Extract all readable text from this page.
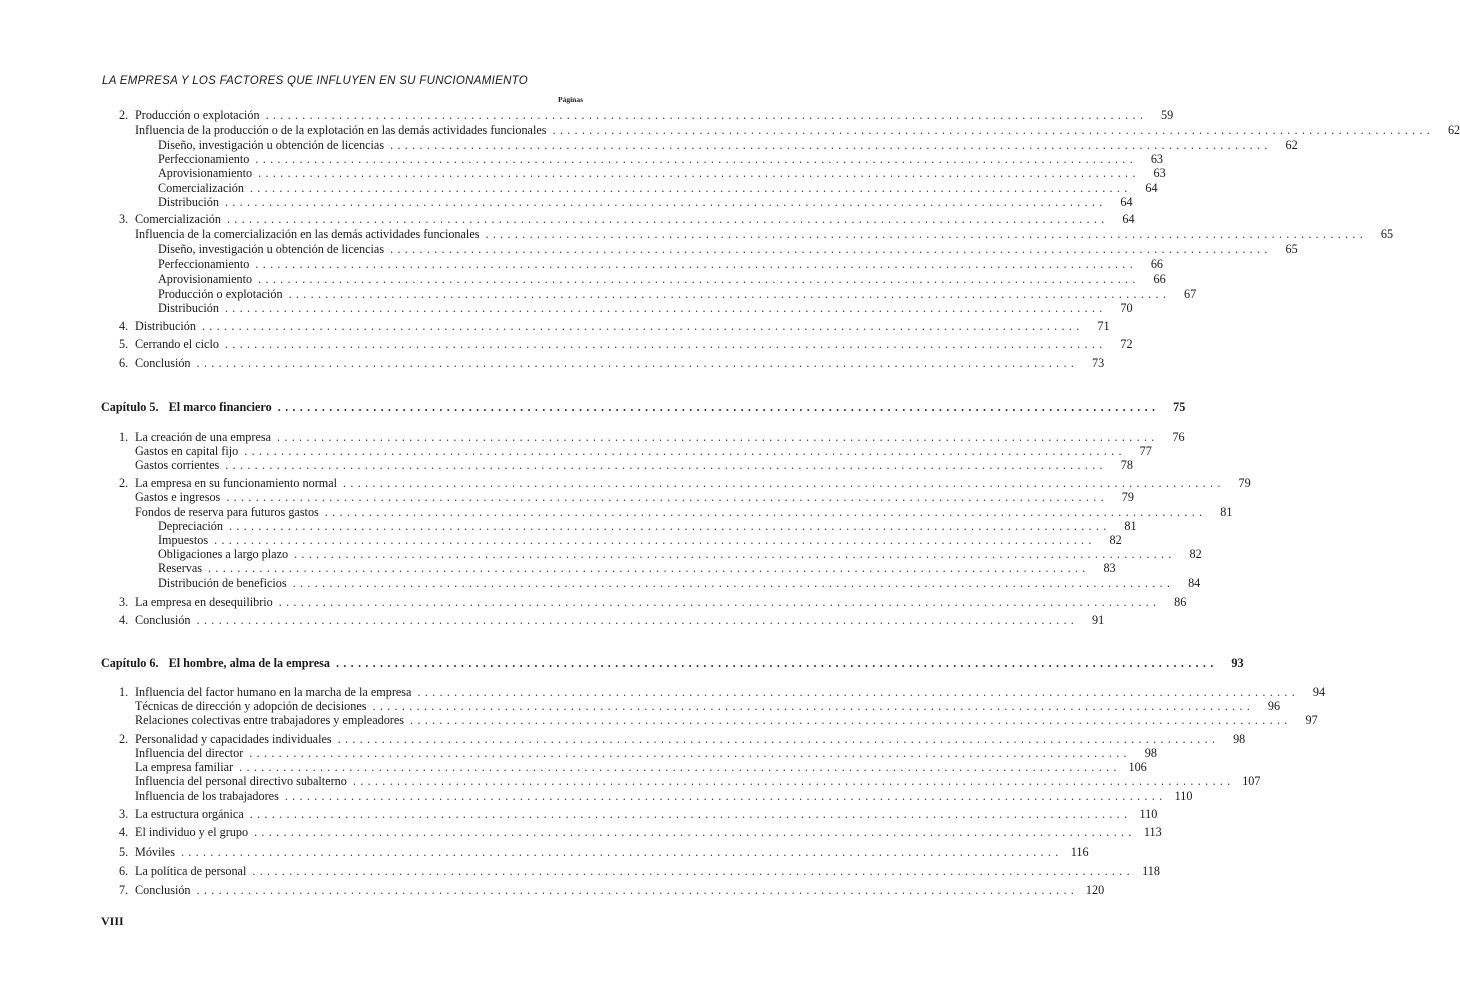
LA EMPRESA Y LOS FACTORES QUE INFLUYEN EN SU FUNCIONAMIENTO
Páginas
2. Producción o explotación ........................................................................................................................	59
Influencia de la producción o de la explotación en las demás actividades funcionales ........................................................................................................................	62
Diseño, investigación u obtención de licencias ........................................................................................................................	62
Perfeccionamiento ........................................................................................................................	63
Aprovisionamiento ........................................................................................................................	63
Comercialización ........................................................................................................................	64
Distribución ........................................................................................................................	64
3. Comercialización ........................................................................................................................	64
Influencia de la comercialización en las demás actividades funcionales ........................................................................................................................	65
Diseño, investigación u obtención de licencias ........................................................................................................................	65
Perfeccionamiento ........................................................................................................................	66
Aprovisionamiento ........................................................................................................................	66
Producción o explotación ........................................................................................................................	67
Distribución ........................................................................................................................	70
4. Distribución ........................................................................................................................	71
5. Cerrando el ciclo ........................................................................................................................	72
6. Conclusión ........................................................................................................................	73
Capítulo 5. El marco financiero ........................................................................................................................	75
1. La creación de una empresa ........................................................................................................................	76
Gastos en capital fijo ........................................................................................................................	77
Gastos corrientes ........................................................................................................................	78
2. La empresa en su funcionamiento normal ........................................................................................................................	79
Gastos e ingresos ........................................................................................................................	79
Fondos de reserva para futuros gastos ........................................................................................................................	81
Depreciación ........................................................................................................................	81
Impuestos ........................................................................................................................	82
Obligaciones a largo plazo ........................................................................................................................	82
Reservas ........................................................................................................................	83
Distribución de beneficios ........................................................................................................................	84
3. La empresa en desequilibrio ........................................................................................................................	86
4. Conclusión ........................................................................................................................	91
Capítulo 6. El hombre, alma de la empresa ........................................................................................................................	93
1. Influencia del factor humano en la marcha de la empresa ........................................................................................................................	94
Técnicas de dirección y adopción de decisiones ........................................................................................................................	96
Relaciones colectivas entre trabajadores y empleadores ........................................................................................................................	97
2. Personalidad y capacidades individuales ........................................................................................................................	98
Influencia del director ........................................................................................................................	98
La empresa familiar ........................................................................................................................ 106
Influencia del personal directivo subalterno ........................................................................................................................ 107
Influencia de los trabajadores ........................................................................................................................ 110
3. La estructura orgánica ........................................................................................................................ 110
4. El individuo y el grupo ........................................................................................................................ 113
5. Móviles ........................................................................................................................ 116
6. La política de personal ........................................................................................................................ 118
7. Conclusión ........................................................................................................................ 120
VIII
